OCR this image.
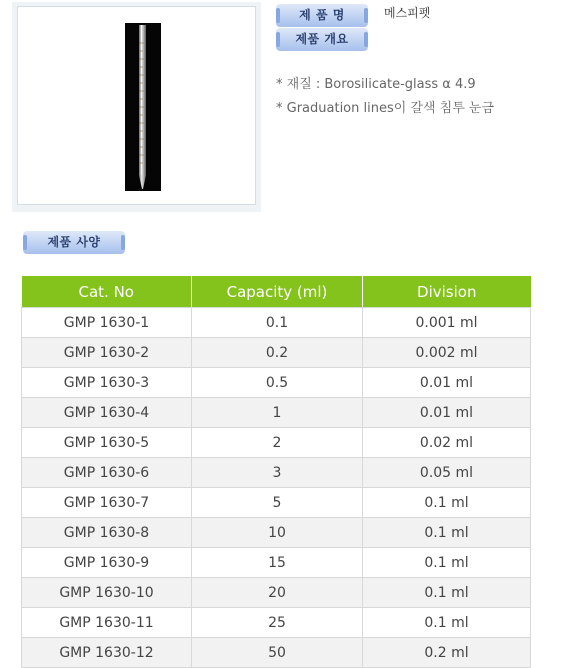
제 품 명	메스피펫
제품 개요
* 재질 : Borosilicate-glass α 4.9
* Graduation lines이 갈색 침투 눈금
제품 사양
Cat. No	Capacity (ml)	Division
GMP 1630-1	0.1	0.001 ml
GMP 1630-2	0.2	0.002 ml
GMP 1630-3	0.5	0.01 ml
GMP 1630-4	1	0.01 ml
GMP 1630-5	2	0.02 ml
GMP 1630-6	3	0.05 ml
GMP 1630-7	5	0.1 ml
GMP 1630-8	10	0.1 ml
GMP 1630-9	15	0.1 ml
GMP 1630-10	20	0.1 ml
GMP 1630-11	25	0.1 ml
GMP 1630-12	50	0.2 ml
